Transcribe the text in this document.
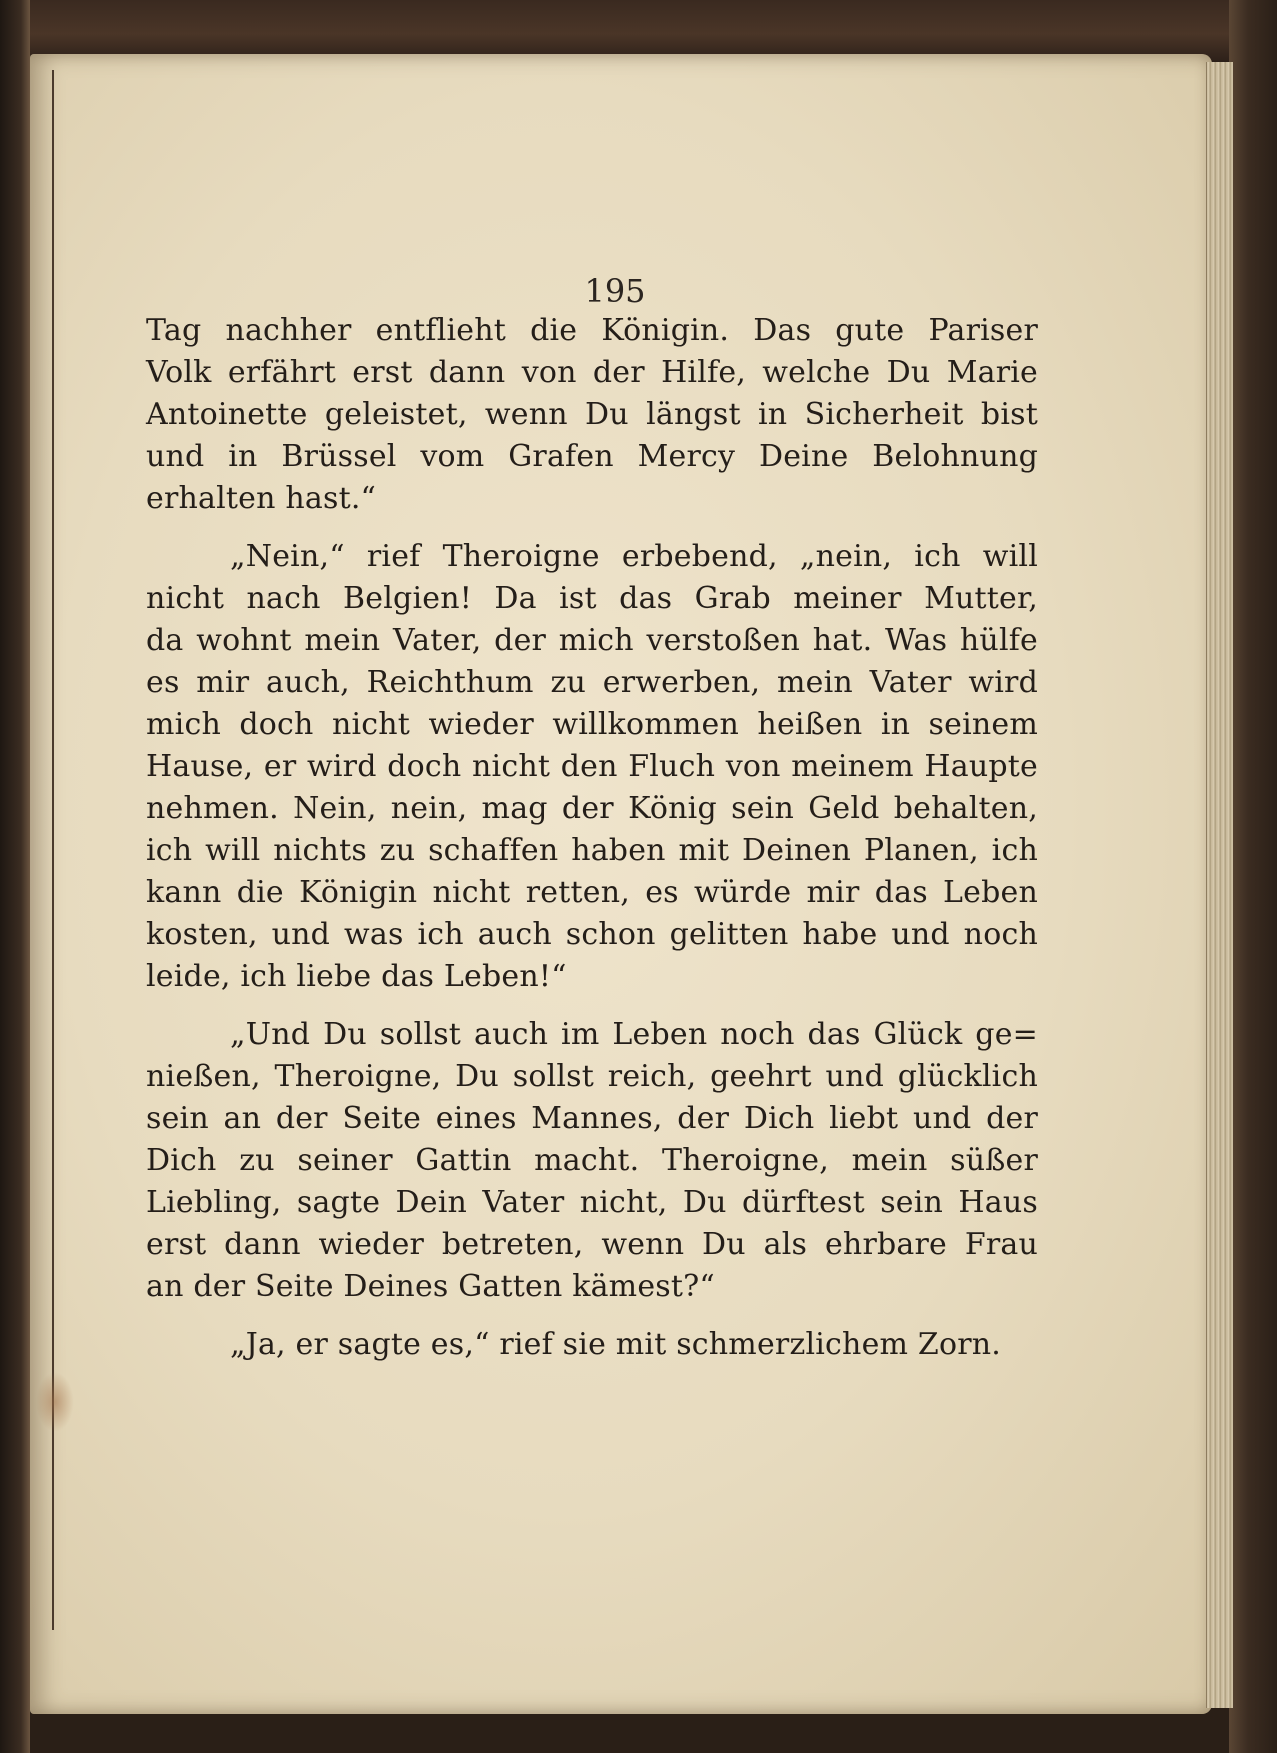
195

Tag nachher entflieht die Königin. Das gute Pariser
Volk erfährt erst dann von der Hilfe, welche Du Marie
Antoinette geleistet, wenn Du längst in Sicherheit bist
und in Brüssel vom Grafen Mercy Deine Belohnung
erhalten hast.“
„Nein,“ rief Theroigne erbebend, „nein, ich will
nicht nach Belgien! Da ist das Grab meiner Mutter,
da wohnt mein Vater, der mich verstoßen hat. Was hülfe
es mir auch, Reichthum zu erwerben, mein Vater wird
mich doch nicht wieder willkommen heißen in seinem
Hause, er wird doch nicht den Fluch von meinem Haupte
nehmen. Nein, nein, mag der König sein Geld behalten,
ich will nichts zu schaffen haben mit Deinen Planen, ich
kann die Königin nicht retten, es würde mir das Leben
kosten, und was ich auch schon gelitten habe und noch
leide, ich liebe das Leben!“
„Und Du sollst auch im Leben noch das Glück ge=
nießen, Theroigne, Du sollst reich, geehrt und glücklich
sein an der Seite eines Mannes, der Dich liebt und der
Dich zu seiner Gattin macht. Theroigne, mein süßer
Liebling, sagte Dein Vater nicht, Du dürftest sein Haus
erst dann wieder betreten, wenn Du als ehrbare Frau
an der Seite Deines Gatten kämest?“
„Ja, er sagte es,“ rief sie mit schmerzlichem Zorn.
